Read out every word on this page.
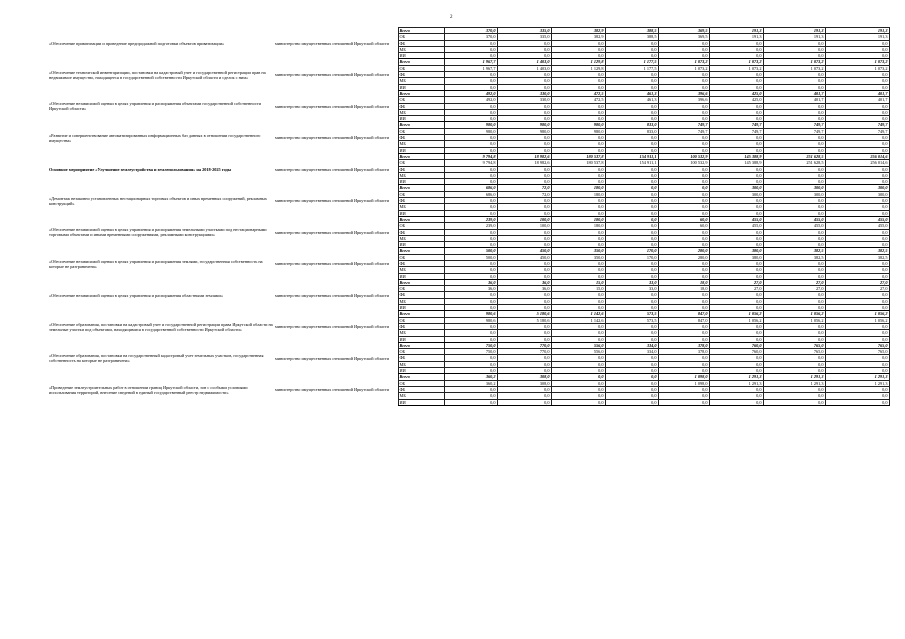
2
«Обеспечение приватизации и проведение предпродажной подготовки объектов приватизации»	министерство имущественных отношений Иркутской области	Всего	370,0	335,0	382,9	388,5	369,5	191,3	191,3	191,3
		ОБ	370,0	335,0	382,9	388,5	369,5	191,3	191,3	191,3
		ФБ	0,0	0,0	0,0	0,0	0,0	0,0	0,0	0,0
		МБ	0,0	0,0	0,0	0,0	0,0	0,0	0,0	0,0
		ИИ	0,0	0,0	0,0	0,0	0,0	0,0	0,0	0,0
«Обеспечение технической инвентаризации, постановки на кадастровый учет и государственной регистрации прав на недвижимое имущество, находящееся в государственной собственности Иркутской области и сделок с ним»	министерство имущественных отношений Иркутской области	Всего	1 967,7	1 403,0	1 129,8	1 177,5	1 073,2	1 073,2	1 073,2	1 073,2
		ОБ	1 967,7	1 403,0	1 129,8	1 177,5	1 073,2	1 073,2	1 073,2	1 073,2
		ФБ	0,0	0,0	0,0	0,0	0,0	0,0	0,0	0,0
		МБ	0,0	0,0	0,0	0,0	0,0	0,0	0,0	0,0
		ИИ	0,0	0,0	0,0	0,0	0,0	0,0	0,0	0,0
«Обеспечение независимой оценки в целях управления и распоряжения объектами государственной собственности Иркутской области»	министерство имущественных отношений Иркутской области	Всего	492,0	330,0	472,5	461,3	396,6	425,0	401,7	401,7
		ОБ	492,0	330,0	472,5	461,3	396,6	425,0	401,7	401,7
		ФБ	0,0	0,0	0,0	0,0	0,0	0,0	0,0	0,0
		МБ	0,0	0,0	0,0	0,0	0,0	0,0	0,0	0,0
		ИИ	0,0	0,0	0,0	0,0	0,0	0,0	0,0	0,0
«Развитие и совершенствование автоматизированных информационных баз данных в отношении государственного имущества»	министерство имущественных отношений Иркутской области	Всего	980,0	980,0	980,0	833,0	749,7	749,7	749,7	749,7
		ОБ	980,0	980,0	980,0	833,0	749,7	749,7	749,7	749,7
		ФБ	0,0	0,0	0,0	0,0	0,0	0,0	0,0	0,0
		МБ	0,0	0,0	0,0	0,0	0,0	0,0	0,0	0,0
		ИИ	0,0	0,0	0,0	0,0	0,0	0,0	0,0	0,0
Основное мероприятие «Улучшение землеустройства и землепользования» на 2018-2025 годы	министерство имущественных отношений Иркутской области	Всего	9 794,8	18 982,6	180 537,8	154 911,1	100 532,9	145 388,9	251 628,5	256 014,6
		ОБ	9 794,8	18 982,6	180 537,8	154 911,1	100 532,9	145 388,9	251 628,5	256 014,6
		ФБ	0,0	0,0	0,0	0,0	0,0	0,0	0,0	0,0
		МБ	0,0	0,0	0,0	0,0	0,0	0,0	0,0	0,0
		ИИ	0,0	0,0	0,0	0,0	0,0	0,0	0,0	0,0
«Демонтаж незаконно установленных нестационарных торговых объектов и иных временных сооружений, рекламных конструкций»	министерство имущественных отношений Иркутской области	Всего	686,0	72,0	180,0	0,0	0,0	300,0	300,0	300,0
		ОБ	686,0	72,0	180,0	0,0	0,0	300,0	300,0	300,0
		ФБ	0,0	0,0	0,0	0,0	0,0	0,0	0,0	0,0
		МБ	0,0	0,0	0,0	0,0	0,0	0,0	0,0	0,0
		ИИ	0,0	0,0	0,0	0,0	0,0	0,0	0,0	0,0
«Обеспечение независимой оценки в целях управления и распоряжения земельными участками под нестационарными торговыми объектами и иными временными сооружениями, рекламными конструкциями»	министерство имущественных отношений Иркутской области	Всего	239,0	100,0	180,0	0,0	60,0	455,0	455,0	455,0
		ОБ	239,0	100,0	180,0	0,0	60,0	455,0	455,0	455,0
		ФБ	0,0	0,0	0,0	0,0	0,0	0,0	0,0	0,0
		МБ	0,0	0,0	0,0	0,0	0,0	0,0	0,0	0,0
		ИИ	0,0	0,0	0,0	0,0	0,0	0,0	0,0	0,0
«Обеспечение независимой оценки в целях управления и распоряжения землями, государственная собственность на которые не разграничена»	министерство имущественных отношений Иркутской области	Всего	500,0	450,0	350,0	170,0	280,0	380,0	382,5	382,5
		ОБ	500,0	450,0	350,0	170,0	280,0	380,0	382,5	382,5
		ФБ	0,0	0,0	0,0	0,0	0,0	0,0	0,0	0,0
		МБ	0,0	0,0	0,0	0,0	0,0	0,0	0,0	0,0
		ИИ	0,0	0,0	0,0	0,0	0,0	0,0	0,0	0,0
«Обеспечение независимой оценки в целях управления и распоряжения областными землями»	министерство имущественных отношений Иркутской области	Всего	36,0	36,0	15,0	33,0	18,0	27,0	27,0	27,0
		ОБ	36,0	36,0	15,0	33,0	18,0	27,0	27,0	27,0
		ФБ	0,0	0,0	0,0	0,0	0,0	0,0	0,0	0,0
		МБ	0,0	0,0	0,0	0,0	0,0	0,0	0,0	0,0
		ИИ	0,0	0,0	0,0	0,0	0,0	0,0	0,0	0,0
«Обеспечение образования, постановки на кадастровый учет и государственной регистрации права Иркутской области на земельные участки под объектами, находящимися в государственной собственности Иркутской области»	министерство имущественных отношений Иркутской области	Всего	980,6	5 180,6	1 142,6	573,5	847,0	1 056,2	1 056,2	1 056,2
		ОБ	980,6	5 180,6	1 142,6	573,5	847,0	1 056,2	1 056,2	1 056,2
		ФБ	0,0	0,0	0,0	0,0	0,0	0,0	0,0	0,0
		МБ	0,0	0,0	0,0	0,0	0,0	0,0	0,0	0,0
		ИИ	0,0	0,0	0,0	0,0	0,0	0,0	0,0	0,0
«Обеспечение образования, постановки на государственный кадастровый учет земельных участков, государственная собственность на которые не разграничена»	министерство имущественных отношений Иркутской области	Всего	750,0	770,0	556,0	334,0	378,0	760,0	765,0	765,0
		ОБ	750,0	770,0	556,0	334,0	378,0	760,0	765,0	765,0
		ФБ	0,0	0,0	0,0	0,0	0,0	0,0	0,0	0,0
		МБ	0,0	0,0	0,0	0,0	0,0	0,0	0,0	0,0
		ИИ	0,0	0,0	0,0	0,0	0,0	0,0	0,0	0,0
«Проведение землеустроительных работ в отношении границ Иркутской области, зон с особыми условиями использования территорий, внесение сведений в единый государственный реестр недвижимости»	министерство имущественных отношений Иркутской области	Всего	360,2	308,0	0,0	0,0	1 098,0	1 291,3	1 291,3	1 291,3
		ОБ	360,2	308,0	0,0	0,0	1 098,0	1 291,3	1 291,3	1 291,3
		ФБ	0,0	0,0	0,0	0,0	0,0	0,0	0,0	0,0
		МБ	0,0	0,0	0,0	0,0	0,0	0,0	0,0	0,0
		ИИ	0,0	0,0	0,0	0,0	0,0	0,0	0,0	0,0
